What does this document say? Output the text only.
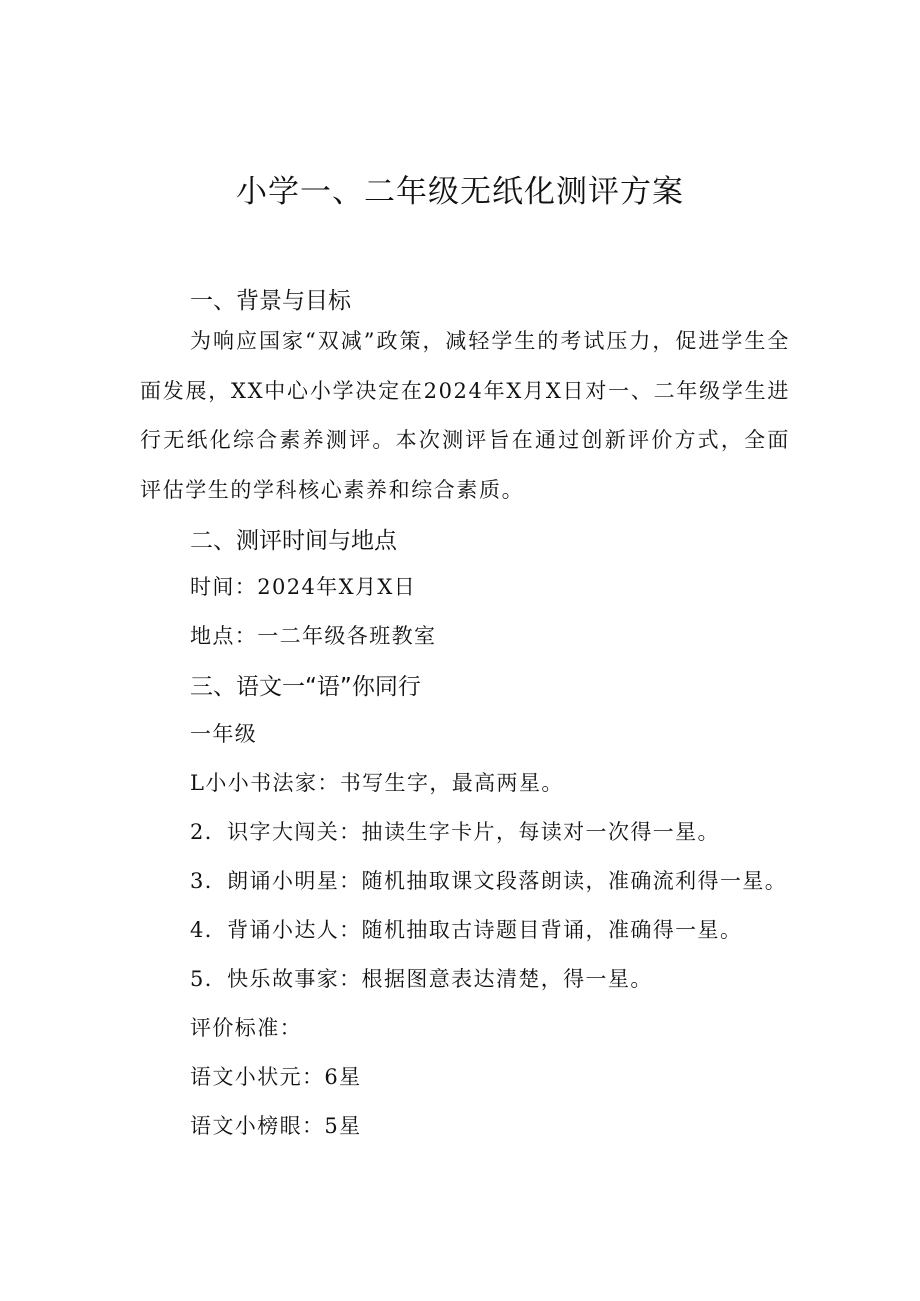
小学一、二年级无纸化测评方案
一、背景与目标
为响应国家“双减”政策，减轻学生的考试压力，促进学生全面发展，XX中心小学决定在2024年X月X日对一、二年级学生进行无纸化综合素养测评。本次测评旨在通过创新评价方式，全面评估学生的学科核心素养和综合素质。
二、测评时间与地点
时间：2024年X月X日
地点：一二年级各班教室
三、语文一“语”你同行
一年级
L小小书法家：书写生字，最高两星。
2．识字大闯关：抽读生字卡片，每读对一次得一星。
3．朗诵小明星：随机抽取课文段落朗读，准确流利得一星。
4．背诵小达人：随机抽取古诗题目背诵，准确得一星。
5．快乐故事家：根据图意表达清楚，得一星。
评价标准：
语文小状元：6星
语文小榜眼：5星
